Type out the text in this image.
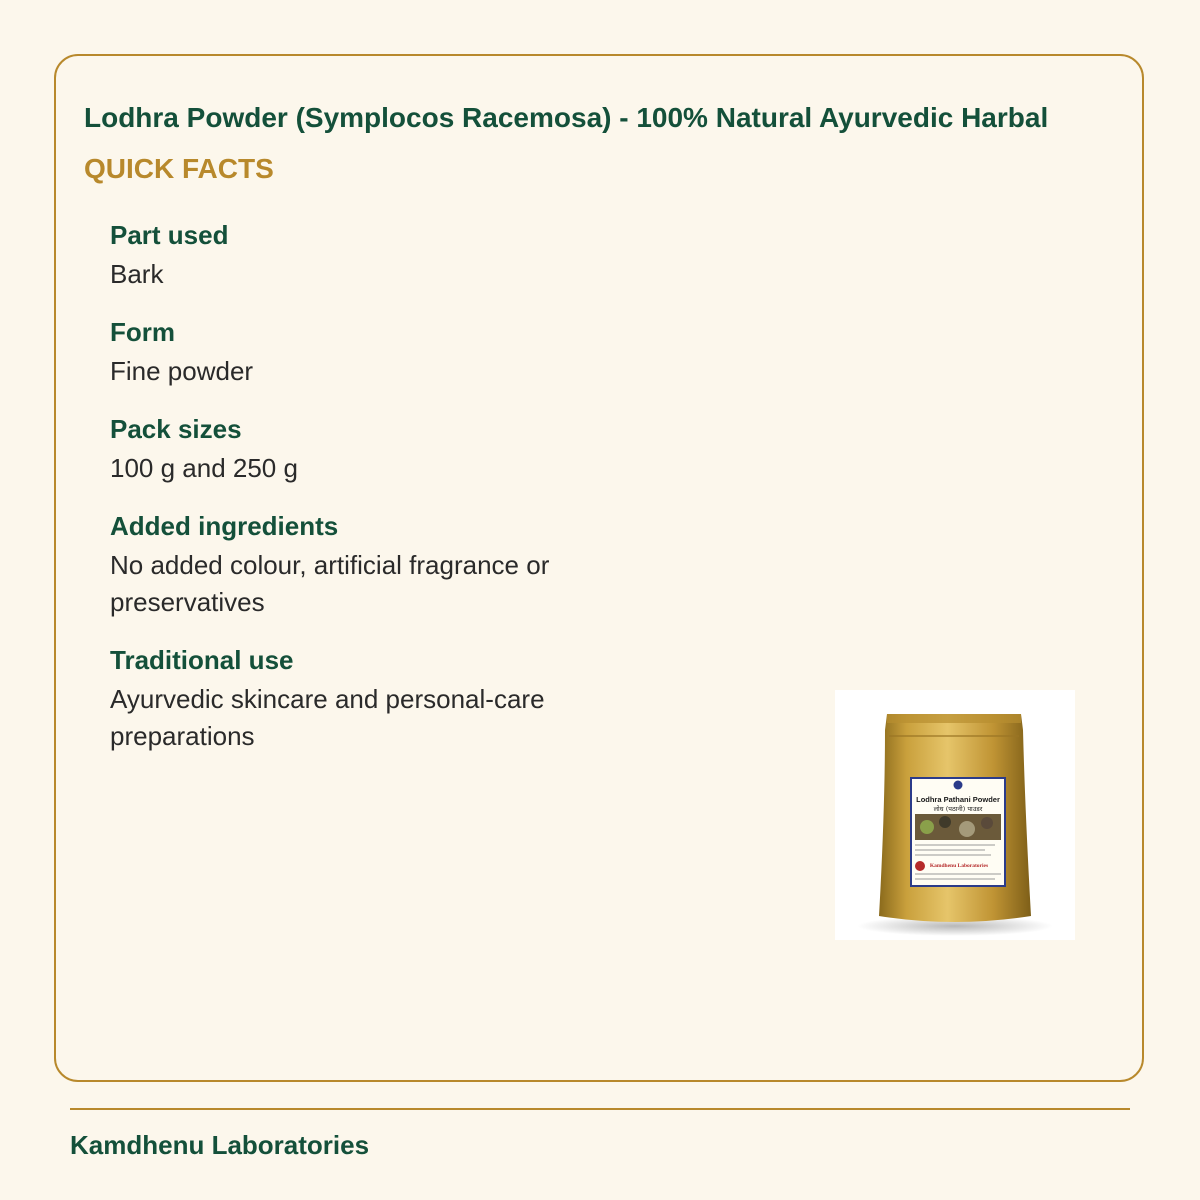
Lodhra Powder (Symplocos Racemosa) - 100% Natural Ayurvedic Harbal
QUICK FACTS
Part used
Bark
Form
Fine powder
Pack sizes
100 g and 250 g
Added ingredients
No added colour, artificial fragrance or preservatives
Traditional use
Ayurvedic skincare and personal-care preparations
Lodhra Pathani Powder
लोध (पठानी) पाउडर
Kamdhenu Laboratories
Kamdhenu Laboratories
